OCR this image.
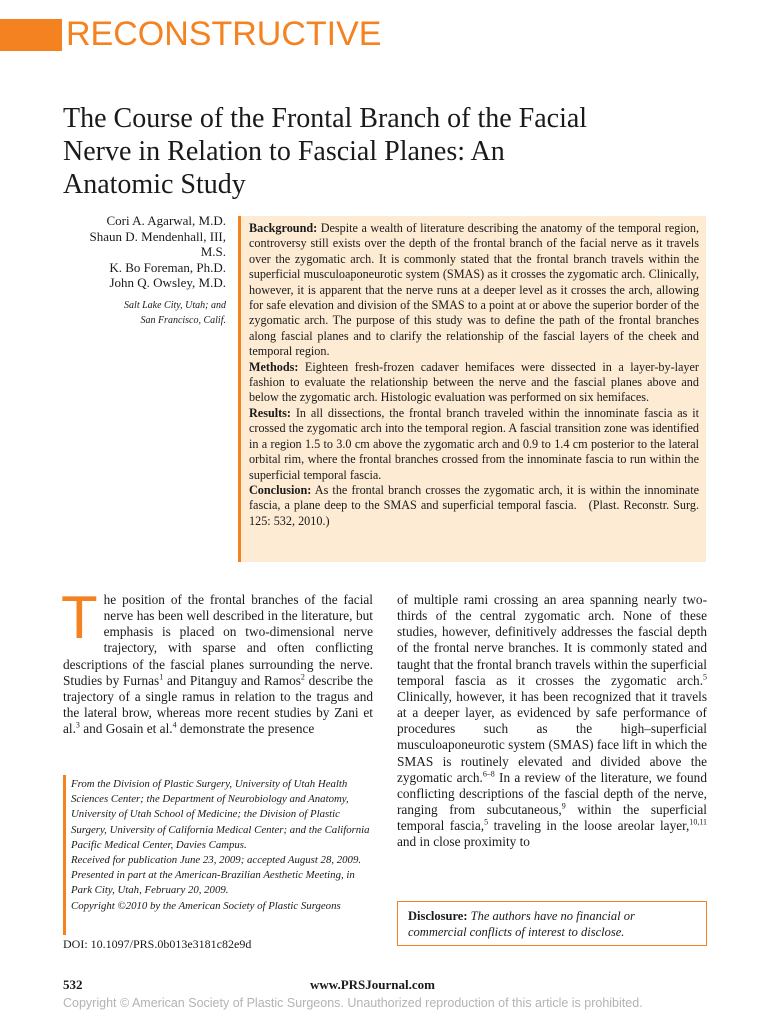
RECONSTRUCTIVE
The Course of the Frontal Branch of the Facial
Nerve in Relation to Fascial Planes: An
Anatomic Study
Cori A. Agarwal, M.D.
Shaun D. Mendenhall, III,
M.S.
K. Bo Foreman, Ph.D.
John Q. Owsley, M.D.
Salt Lake City, Utah; and
San Francisco, Calif.

Background: Despite a wealth of literature describing the anatomy of the temporal region, controversy still exists over the depth of the frontal branch of the facial nerve as it travels over the zygomatic arch. It is commonly stated that the frontal branch travels within the superficial musculoaponeurotic system (SMAS) as it crosses the zygomatic arch. Clinically, however, it is apparent that the nerve runs at a deeper level as it crosses the arch, allowing for safe elevation and division of the SMAS to a point at or above the superior border of the zygomatic arch. The purpose of this study was to define the path of the frontal branches along fascial planes and to clarify the relationship of the fascial layers of the cheek and temporal region.

Methods: Eighteen fresh-frozen cadaver hemifaces were dissected in a layer-by-layer fashion to evaluate the relationship between the nerve and the fascial planes above and below the zygomatic arch. Histologic evaluation was performed on six hemifaces.

Results: In all dissections, the frontal branch traveled within the innominate fascia as it crossed the zygomatic arch into the temporal region. A fascial transition zone was identified in a region 1.5 to 3.0 cm above the zygomatic arch and 0.9 to 1.4 cm posterior to the lateral orbital rim, where the frontal branches crossed from the innominate fascia to run within the superficial temporal fascia.

Conclusion: As the frontal branch crosses the zygomatic arch, it is within the innominate fascia, a plane deep to the SMAS and superficial temporal fascia. (Plast. Reconstr. Surg. 125: 532, 2010.)

The position of the frontal branches of the facial nerve has been well described in the literature, but emphasis is placed on two-dimensional nerve trajectory, with sparse and often conflicting descriptions of the fascial planes surrounding the nerve. Studies by Furnas$^1$ and Pitanguy and Ramos$^2$ describe the trajectory of a single ramus in relation to the tragus and the lateral brow, whereas more recent studies by Zani et al.$^3$ and Gosain et al.$^4$ demonstrate the presence

of multiple rami crossing an area spanning nearly two-thirds of the central zygomatic arch. None of these studies, however, definitively addresses the fascial depth of the frontal nerve branches. It is commonly stated and taught that the frontal branch travels within the superficial temporal fascia as it crosses the zygomatic arch.$^5$ Clinically, however, it has been recognized that it travels at a deeper layer, as evidenced by safe performance of procedures such as the high–superficial musculoaponeurotic system (SMAS) face lift in which the SMAS is routinely elevated and divided above the zygomatic arch.$^{6-8}$ In a review of the literature, we found conflicting descriptions of the fascial depth of the nerve, ranging from subcutaneous,$^9$ within the superficial temporal fascia,$^5$ traveling in the loose areolar layer,$^{10,11}$ and in close proximity to

From the Division of Plastic Surgery, University of Utah Health Sciences Center; the Department of Neurobiology and Anatomy, University of Utah School of Medicine; the Division of Plastic Surgery, University of California Medical Center; and the California Pacific Medical Center, Davies Campus.
Received for publication June 23, 2009; accepted August 28, 2009.
Presented in part at the American-Brazilian Aesthetic Meeting, in Park City, Utah, February 20, 2009.
Copyright ©2010 by the American Society of Plastic Surgeons
DOI: 10.1097/PRS.0b013e3181c82e9d
Disclosure: The authors have no financial or commercial conflicts of interest to disclose.
532	www.PRSJournal.com
Copyright © American Society of Plastic Surgeons. Unauthorized reproduction of this article is prohibited.
